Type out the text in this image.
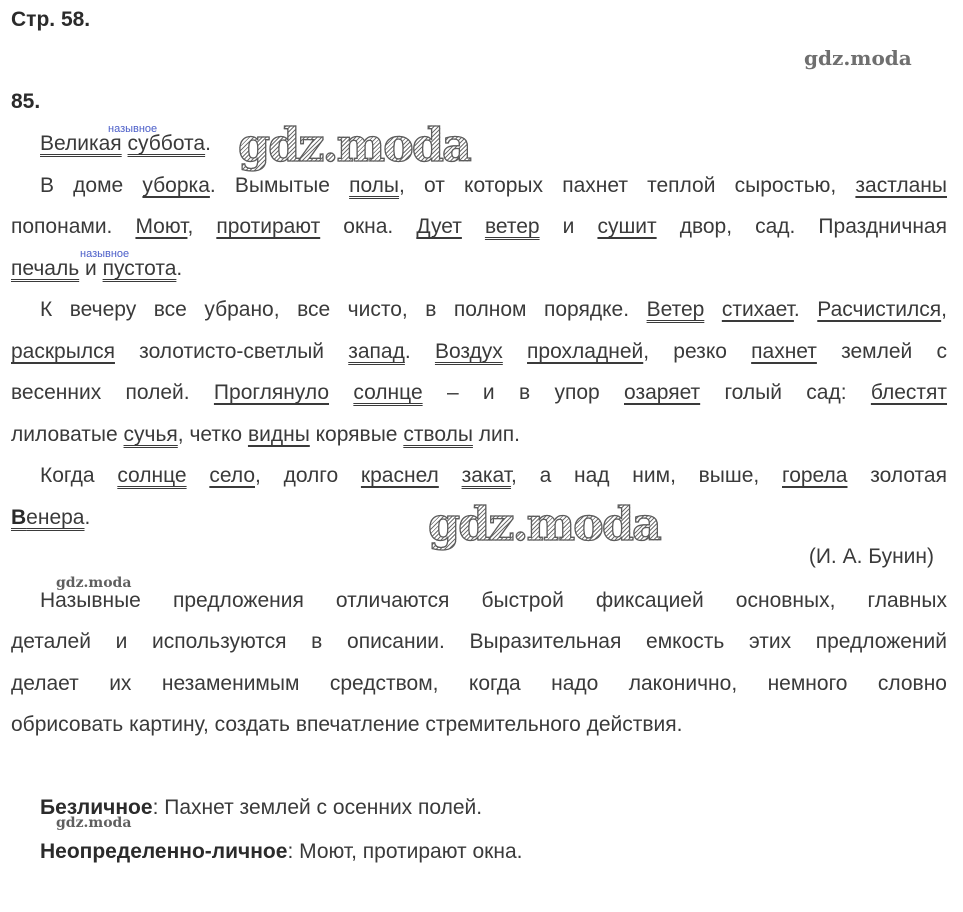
Стр. 58.
85.
gdz.moda
gdz.moda
gdz.moda
gdz.moda
gdz.moda
назывное
назывное
Великая суббота.
В доме уборка. Вымытые полы, от которых пахнет теплой сыростью, застланы
попонами. Моют, протирают окна. Дует ветер и сушит двор, сад. Праздничная
печаль и пустота.
К вечеру все убрано, все чисто, в полном порядке. Ветер стихает. Расчистился,
раскрылся золотисто-светлый запад. Воздух прохладней, резко пахнет землей с
весенних полей. Проглянуло солнце – и в упор озаряет голый сад: блестят
лиловатые сучья, четко видны корявые стволы лип.
Когда солнце село, долго краснел закат, а над ним, выше, горела золотая
Венера.
(И. А. Бунин)
Назывные предложения отличаются быстрой фиксацией основных, главных
деталей и используются в описании. Выразительная емкость этих предложений
делает их незаменимым средством, когда надо лаконично, немного словно
обрисовать картину, создать впечатление стремительного действия.
Безличное: Пахнет землей с осенних полей.
Неопределенно-личное: Моют, протирают окна.
